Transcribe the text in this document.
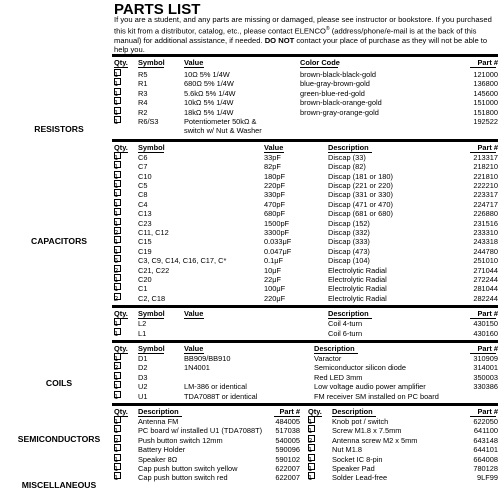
PARTS LIST
If you are a student, and any parts are missing or damaged, please see instructor or bookstore. If you purchased this kit from a distributor, catalog, etc., please contact ELENCO® (address/phone/e-mail is at the back of this manual) for additional assistance, if needed. DO NOT contact your place of purchase as they will not be able to help you.
RESISTORS
CAPACITORS
COILS
SEMICONDUCTORS
MISCELLANEOUS
Qty. Symbol	Value	Color Code	Part #
1	R5	10Ω 5% 1/4W	brown-black-black-gold	121000
1	R1	680Ω 5% 1/4W	blue-gray-brown-gold	136800
1	R3	5.6kΩ 5% 1/4W	green-blue-red-gold	145600
1	R4	10kΩ 5% 1/4W	brown-black-orange-gold	151000
1	R2	18kΩ 5% 1/4W	brown-gray-orange-gold	151800
1	R6/S3	Potentiometer 50kΩ &	192522
switch w/ Nut & Washer
Qty. Symbol	Value	Description	Part #
1	C6	33pF	Discap (33)	213317
1	C7	82pF	Discap (82)	218210
1	C10	180pF	Discap (181 or 180)	221810
1	C5	220pF	Discap (221 or 220)	222210
1	C8	330pF	Discap (331 or 330)	223317
1	C4	470pF	Discap (471 or 470)	224717
1	C13	680pF	Discap (681 or 680)	226880
1	C23	1500pF	Discap (152)	231516
2	C11, C12	3300pF	Discap (332)	233310
1	C15	0.033μF	Discap (333)	243318
1	C19	0.047μF	Discap (473)	244780
6	C3, C9, C14, C16, C17, C*	0.1μF	Discap (104)	251010
2	C21, C22	10μF	Electrolytic Radial	271044
1	C20	22μF	Electrolytic Radial	272244
1	C1	100μF	Electrolytic Radial	281044
2	C2, C18	220μF	Electrolytic Radial	282244
Qty. Symbol	Value	Description	Part #
1	L2	Coil 4-turn	430150
1	L1	Coil 6-turn	430160
Qty. Symbol	Value	Description	Part #
1	D1	BB909/BB910	Varactor	310909
2	D2	1N4001	Semiconductor silicon diode	314001
1	D3	Red LED 3mm	350003
1	U2	LM-386 or identical	Low voltage audio power amplifier	330386
1	U1	TDA7088T or identical	FM receiver SM installed on PC board
Qty. Description	Part # Qty. Description	Part #
1	Antenna FM	484005 1	Knob pot / switch	622050
1	PC board w/ installed U1 (TDA7088T) 517038 1	Screw M1.8 x 7.5mm	641100
2	Push button switch 12mm	540005 2	Antenna screw M2 x 5mm	643148
1	Battery Holder	590096 1	Nut M1.8	644101
1	Speaker 8Ω	590102 1	Socket IC 8-pin	664008
1	Cap push button switch yellow	622007 1	Speaker Pad	780128
1	Cap push button switch red	622007 1	Solder Lead-free	9LF99
